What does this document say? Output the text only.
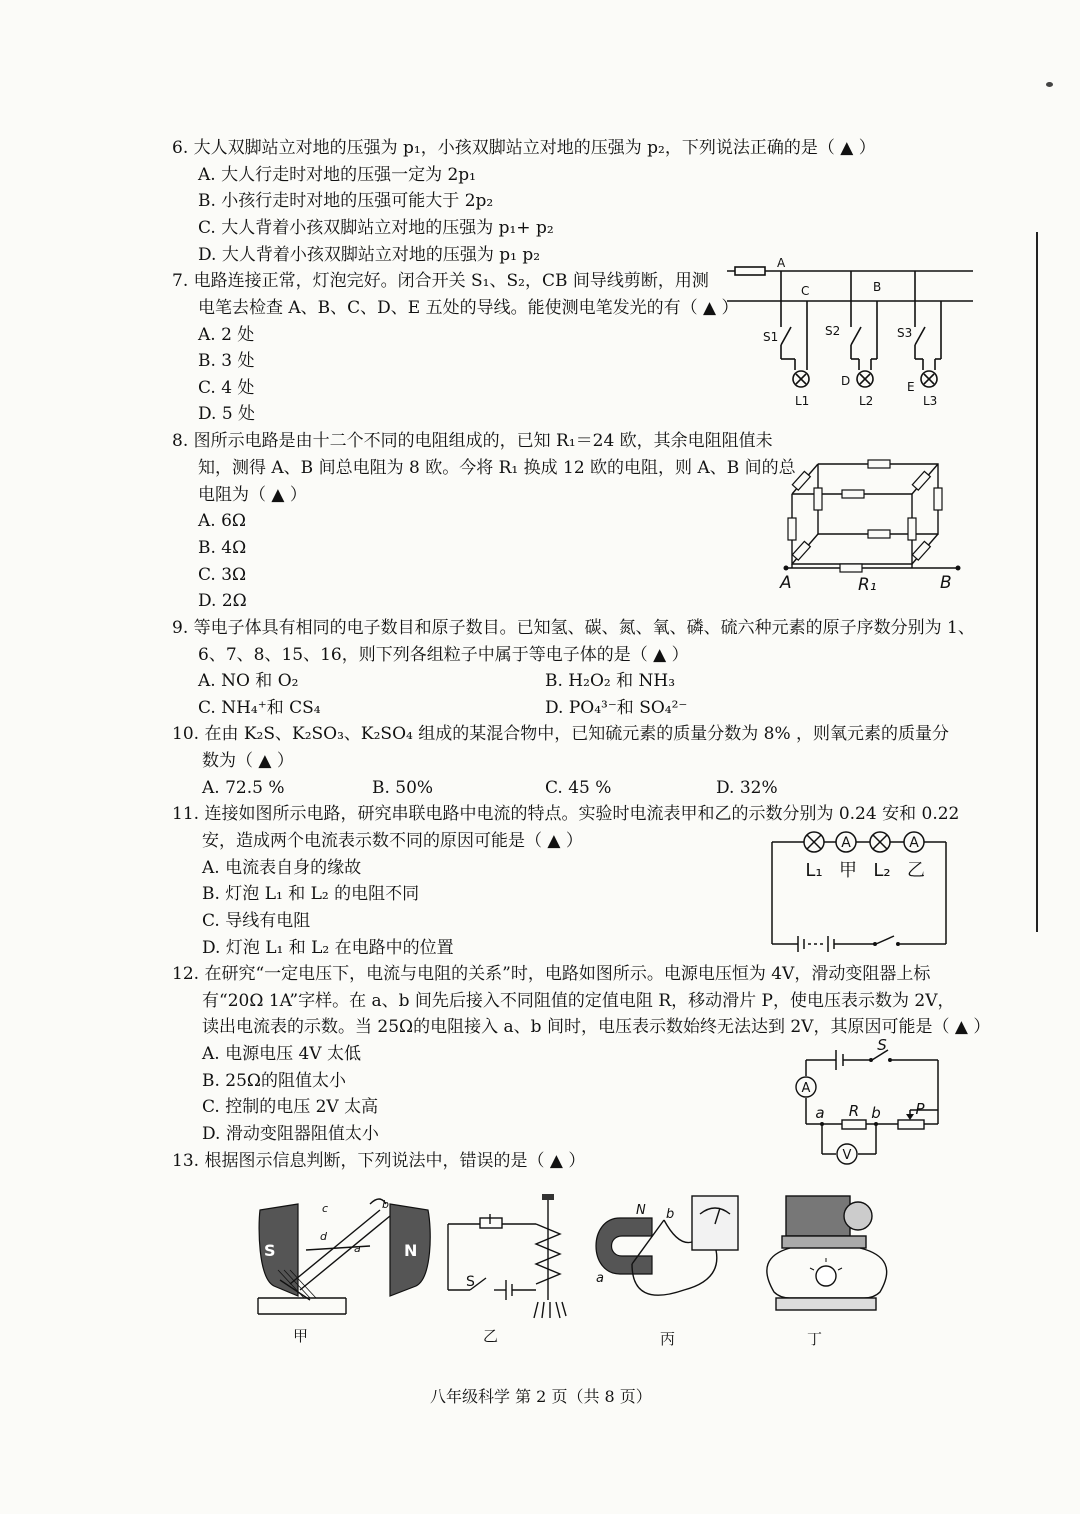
6. 大人双脚站立对地的压强为 p₁，小孩双脚站立对地的压强为 p₂，下列说法正确的是（ ▲ ）
A. 大人行走时对地的压强一定为 2p₁
B. 小孩行走时对地的压强可能大于 2p₂
C. 大人背着小孩双脚站立对地的压强为 p₁+ p₂
D. 大人背着小孩双脚站立对地的压强为 p₁ p₂
7. 电路连接正常，灯泡完好。闭合开关 S₁、S₂，CB 间导线剪断，用测
电笔去检查 A、B、C、D、E 五处的导线。能使测电笔发光的有（ ▲ ）
A. 2 处
B. 3 处
C. 4 处
D. 5 处
A
C	B
S1	S2	S3
D	E
L1	L2	L3
8. 图所示电路是由十二个不同的电阻组成的，已知 R₁＝24 欧，其余电阻阻值未
知，测得 A、B 间总电阻为 8 欧。今将 R₁ 换成 12 欧的电阻，则 A、B 间的总
电阻为（ ▲ ）
A. 6Ω
B. 4Ω
C. 3Ω
D. 2Ω
A	B
R₁
9. 等电子体具有相同的电子数目和原子数目。已知氢、碳、氮、氧、磷、硫六种元素的原子序数分别为 1、
6、7、8、15、16，则下列各组粒子中属于等电子体的是（ ▲ ）
A. NO 和 O₂	B. H₂O₂ 和 NH₃
C. NH₄⁺和 CS₄	D. PO₄³⁻和 SO₄²⁻
10. 在由 K₂S、K₂SO₃、K₂SO₄ 组成的某混合物中，已知硫元素的质量分数为 8% ，则氧元素的质量分
数为（ ▲ ）
A. 72.5 %	B. 50%	C. 45 %	D. 32%
11. 连接如图所示电路，研究串联电路中电流的特点。实验时电流表甲和乙的示数分别为 0.24 安和 0.22
安，造成两个电流表示数不同的原因可能是（ ▲ ）
A. 电流表自身的缘故
B. 灯泡 L₁ 和 L₂ 的电阻不同
C. 导线有电阻
D. 灯泡 L₁ 和 L₂ 在电路中的位置
A	A
L₁ 甲 L₂ 乙
12. 在研究“一定电压下，电流与电阻的关系”时，电路如图所示。电源电压恒为 4V，滑动变阻器上标
有“20Ω 1A”字样。在 a、b 间先后接入不同阻值的定值电阻 R，移动滑片 P，使电压表示数为 2V，
读出电流表的示数。当 25Ω的电阻接入 a、b 间时，电压表示数始终无法达到 2V，其原因可能是（ ▲ ）
A. 电源电压 4V 太低
B. 25Ω的阻值太小
C. 控制的电压 2V 太高
D. 滑动变阻器阻值太小
A
V
S
a R b P
13. 根据图示信息判断，下列说法中，错误的是（ ▲ ）
S	N
a
b
c
d
甲
S
乙
N
a
b
丙	丁
八年级科学 第 2 页（共 8 页）
